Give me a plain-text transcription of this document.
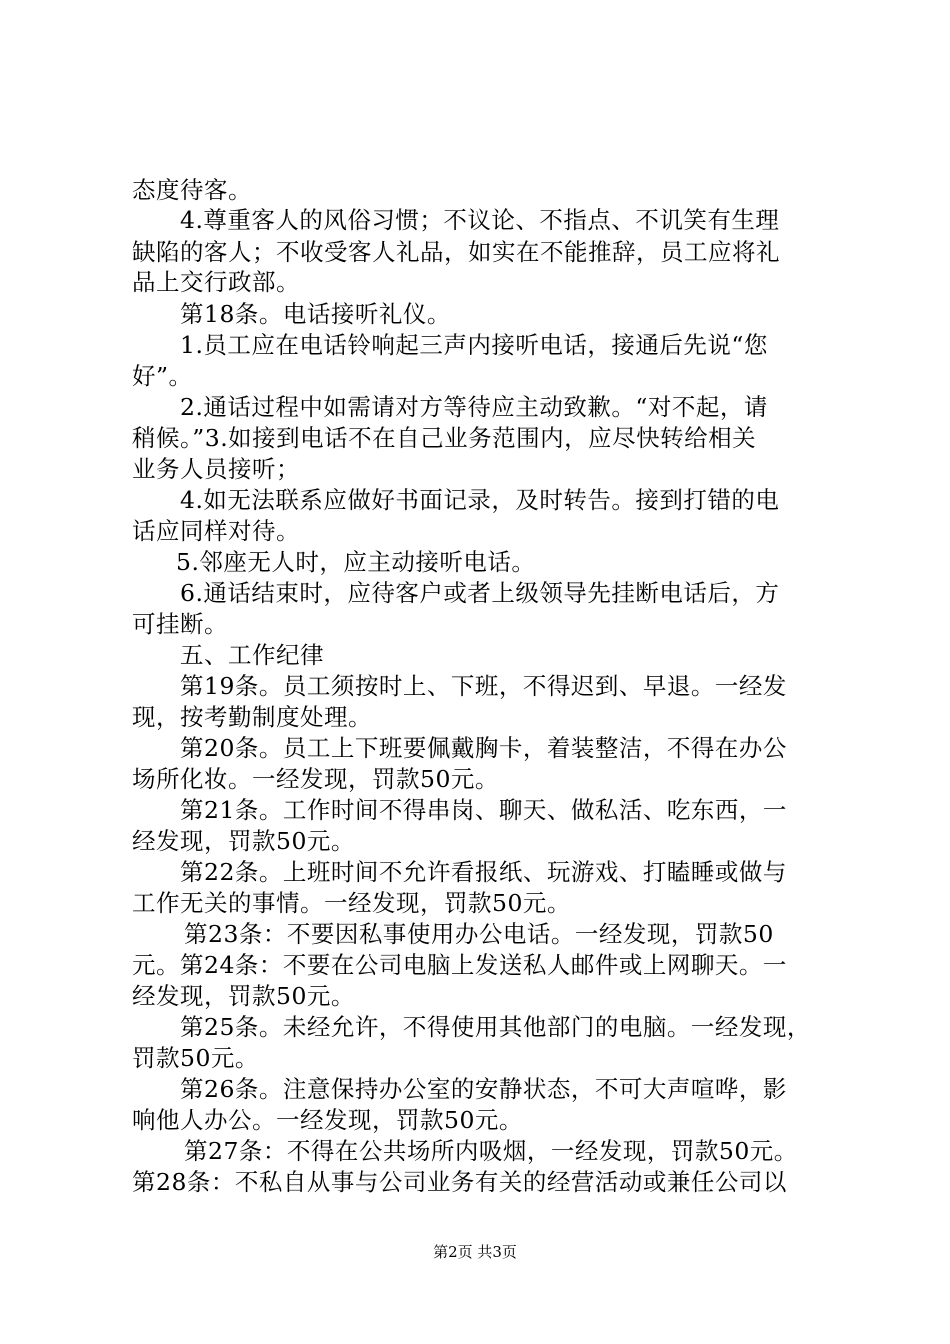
态度待客。
4.尊重客人的风俗习惯；不议论、不指点、不讥笑有生理
缺陷的客人；不收受客人礼品，如实在不能推辞，员工应将礼
品上交行政部。
第18条。电话接听礼仪。
1.员工应在电话铃响起三声内接听电话，接通后先说“您
好”。
2.通话过程中如需请对方等待应主动致歉。“对不起，请
稍候。”3.如接到电话不在自己业务范围内，应尽快转给相关
业务人员接听；
4.如无法联系应做好书面记录，及时转告。接到打错的电
话应同样对待。
5.邻座无人时，应主动接听电话。
6.通话结束时，应待客户或者上级领导先挂断电话后，方
可挂断。
五、工作纪律
第19条。员工须按时上、下班，不得迟到、早退。一经发
现，按考勤制度处理。
第20条。员工上下班要佩戴胸卡，着装整洁，不得在办公
场所化妆。一经发现，罚款50元。
第21条。工作时间不得串岗、聊天、做私活、吃东西，一
经发现，罚款50元。
第22条。上班时间不允许看报纸、玩游戏、打瞌睡或做与
工作无关的事情。一经发现，罚款50元。
第23条：不要因私事使用办公电话。一经发现，罚款50
元。第24条：不要在公司电脑上发送私人邮件或上网聊天。一
经发现，罚款50元。
第25条。未经允许，不得使用其他部门的电脑。一经发现，
罚款50元。
第26条。注意保持办公室的安静状态，不可大声喧哗，影
响他人办公。一经发现，罚款50元。
第27条：不得在公共场所内吸烟，一经发现，罚款50元。
第28条：不私自从事与公司业务有关的经营活动或兼任公司以
第2页 共3页
